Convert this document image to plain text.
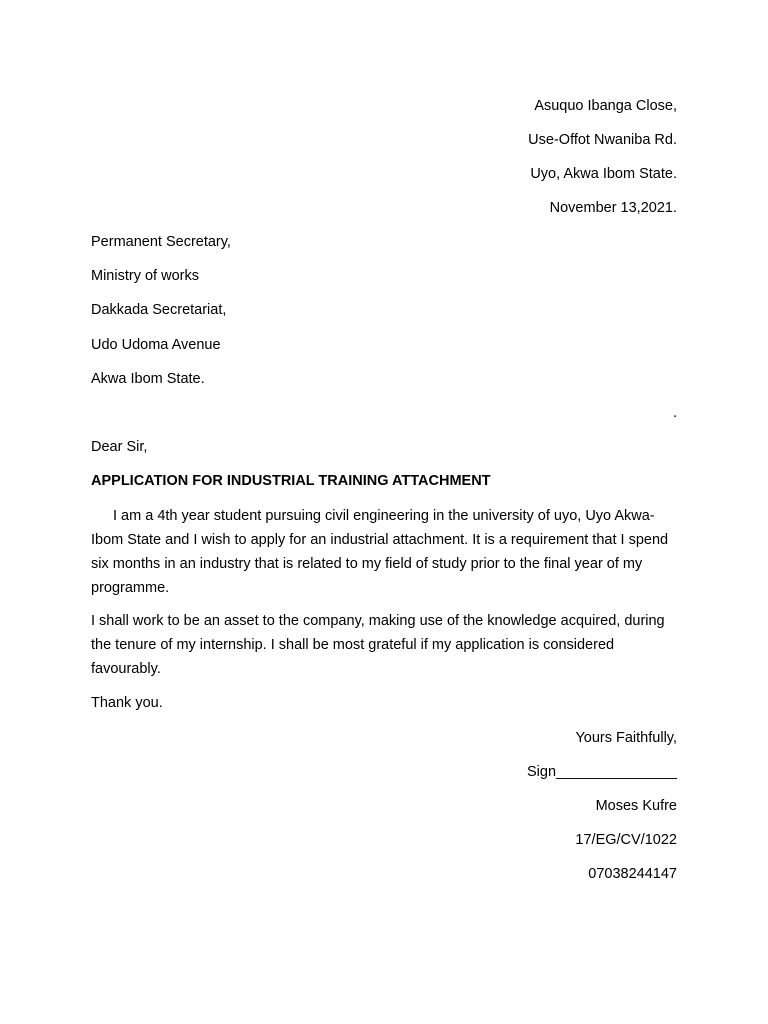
Asuquo Ibanga Close,
Use-Offot Nwaniba Rd.
Uyo, Akwa Ibom State.
November 13,2021.
Permanent Secretary,
Ministry of works
Dakkada Secretariat,
Udo Udoma Avenue
Akwa Ibom State.
.
Dear Sir,
APPLICATION FOR INDUSTRIAL TRAINING ATTACHMENT
I am a 4th year student pursuing civil engineering in the university of uyo, Uyo Akwa-Ibom State and I wish to apply for an industrial attachment. It is a requirement that I spend six months in an industry that is related to my field of study prior to the final year of my programme.
I shall work to be an asset to the company, making use of the knowledge acquired, during the tenure of my internship. I shall be most grateful if my application is considered favourably.
Thank you.
Yours Faithfully,
Sign_______________
Moses Kufre
17/EG/CV/1022
07038244147
